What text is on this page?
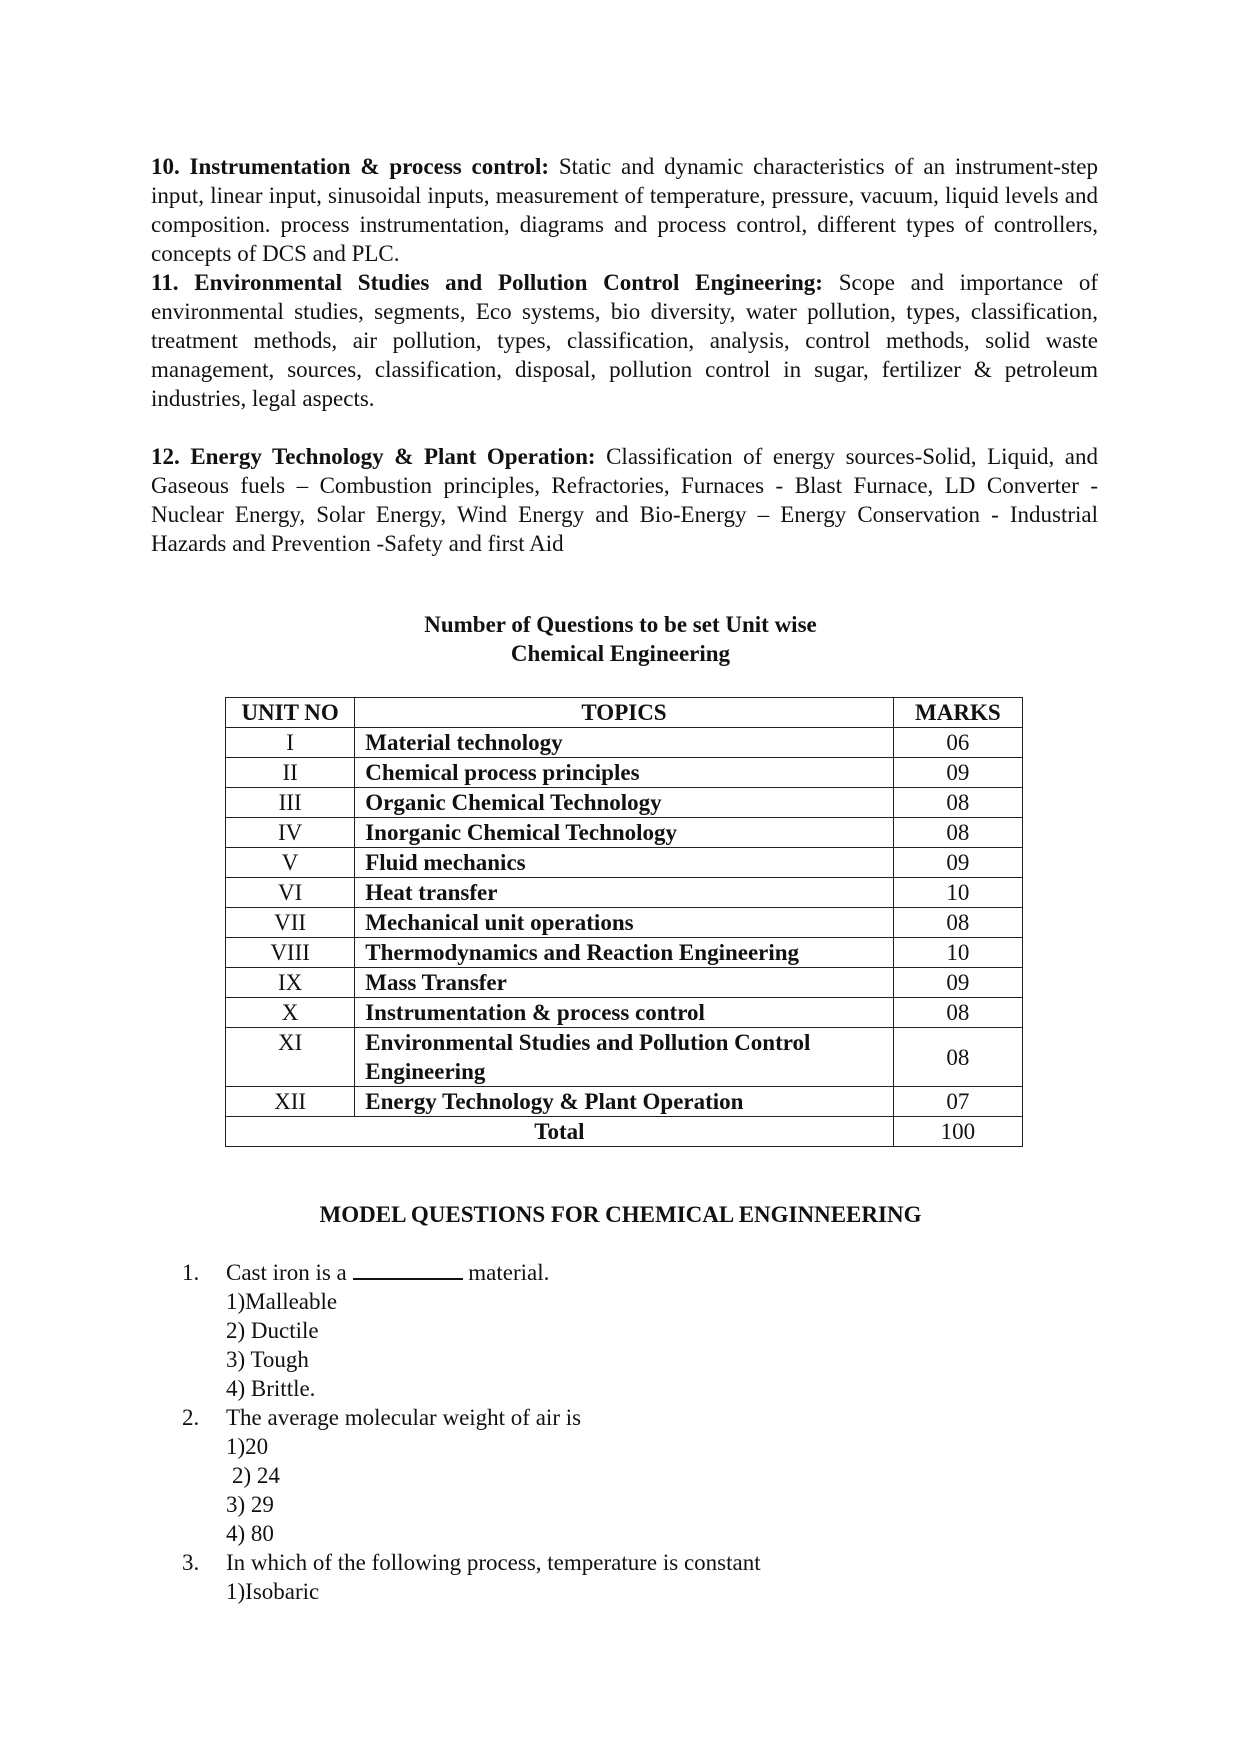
10. Instrumentation & process control: Static and dynamic characteristics of an instrument-step input, linear input, sinusoidal inputs, measurement of temperature, pressure, vacuum, liquid levels and composition. process instrumentation, diagrams and process control, different types of controllers, concepts of DCS and PLC.

11. Environmental Studies and Pollution Control Engineering: Scope and importance of environmental studies, segments, Eco systems, bio diversity, water pollution, types, classification, treatment methods, air pollution, types, classification, analysis, control methods, solid waste management, sources, classification, disposal, pollution control in sugar, fertilizer & petroleum industries, legal aspects.

12. Energy Technology & Plant Operation: Classification of energy sources-Solid, Liquid, and Gaseous fuels – Combustion principles, Refractories, Furnaces - Blast Furnace, LD Converter - Nuclear Energy, Solar Energy, Wind Energy and Bio-Energy – Energy Conservation - Industrial Hazards and Prevention -Safety and first Aid

Number of Questions to be set Unit wise
Chemical Engineering
UNIT NO	TOPICS	MARKS
I	Material technology	06
II	Chemical process principles	09
III	Organic Chemical Technology	08
IV	Inorganic Chemical Technology	08
V	Fluid mechanics	09
VI	Heat transfer	10
VII	Mechanical unit operations	08
VIII	Thermodynamics and Reaction Engineering	10
IX	Mass Transfer	09
X	Instrumentation & process control	08
XI	Environmental Studies and Pollution Control Engineering	08
XII	Energy Technology & Plant Operation	07
Total		100
MODEL QUESTIONS FOR CHEMICAL ENGINNEERING
1. Cast iron is a	material.
1)Malleable
2) Ductile
3) Tough
4) Brittle.
2. The average molecular weight of air is
1)20
2) 24
3) 29
4) 80
3. In which of the following process, temperature is constant
1)Isobaric
